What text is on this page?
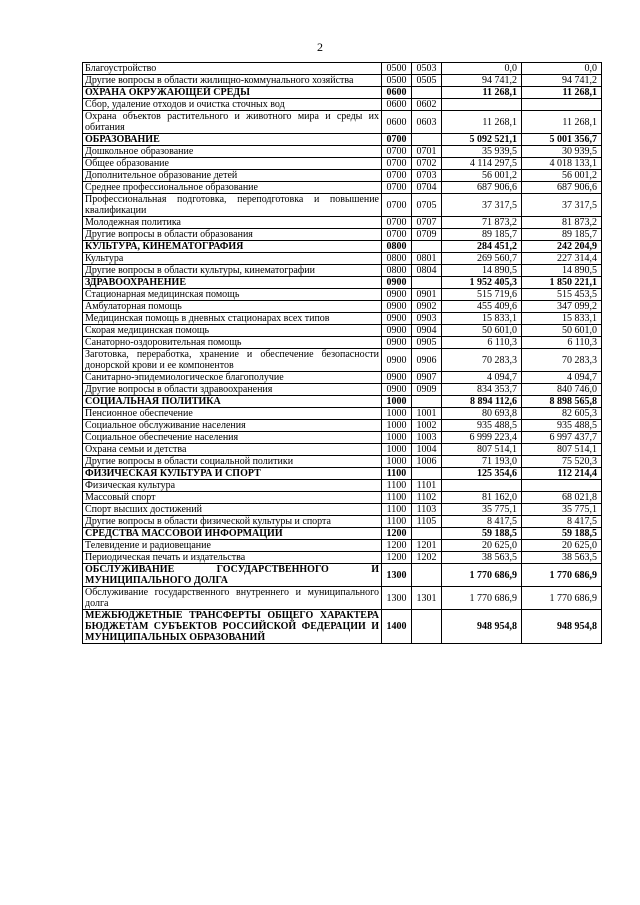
2
Благоустройство	0500	0503	0,0	0,0
Другие вопросы в области жилищно-коммунального хозяйства	0500	0505	94 741,2	94 741,2
ОХРАНА ОКРУЖАЮЩЕЙ СРЕДЫ	0600		11 268,1	11 268,1
Сбор, удаление отходов и очистка сточных вод	0600	0602		
Охрана объектов растительного и животного мира и среды их обитания	0600	0603	11 268,1	11 268,1
ОБРАЗОВАНИЕ	0700		5 092 521,1	5 001 356,7
Дошкольное образование	0700	0701	35 939,5	30 939,5
Общее образование	0700	0702	4 114 297,5	4 018 133,1
Дополнительное образование детей	0700	0703	56 001,2	56 001,2
Среднее профессиональное образование	0700	0704	687 906,6	687 906,6
Профессиональная подготовка, переподготовка и повышение квалификации	0700	0705	37 317,5	37 317,5
Молодежная политика	0700	0707	71 873,2	81 873,2
Другие вопросы в области образования	0700	0709	89 185,7	89 185,7
КУЛЬТУРА, КИНЕМАТОГРАФИЯ	0800		284 451,2	242 204,9
Культура	0800	0801	269 560,7	227 314,4
Другие вопросы в области культуры, кинематографии	0800	0804	14 890,5	14 890,5
ЗДРАВООХРАНЕНИЕ	0900		1 952 405,3	1 850 221,1
Стационарная медицинская помощь	0900	0901	515 719,6	515 453,5
Амбулаторная помощь	0900	0902	455 409,6	347 099,2
Медицинская помощь в дневных стационарах всех типов	0900	0903	15 833,1	15 833,1
Скорая медицинская помощь	0900	0904	50 601,0	50 601,0
Санаторно-оздоровительная помощь	0900	0905	6 110,3	6 110,3
Заготовка, переработка, хранение и обеспечение безопасности донорской крови и ее компонентов	0900	0906	70 283,3	70 283,3
Санитарно-эпидемиологическое благополучие	0900	0907	4 094,7	4 094,7
Другие вопросы в области здравоохранения	0900	0909	834 353,7	840 746,0
СОЦИАЛЬНАЯ ПОЛИТИКА	1000		8 894 112,6	8 898 565,8
Пенсионное обеспечение	1000	1001	80 693,8	82 605,3
Социальное обслуживание населения	1000	1002	935 488,5	935 488,5
Социальное обеспечение населения	1000	1003	6 999 223,4	6 997 437,7
Охрана семьи и детства	1000	1004	807 514,1	807 514,1
Другие вопросы в области социальной политики	1000	1006	71 193,0	75 520,3
ФИЗИЧЕСКАЯ КУЛЬТУРА И СПОРТ	1100		125 354,6	112 214,4
Физическая культура	1100	1101		
Массовый спорт	1100	1102	81 162,0	68 021,8
Спорт высших достижений	1100	1103	35 775,1	35 775,1
Другие вопросы в области физической культуры и спорта	1100	1105	8 417,5	8 417,5
СРЕДСТВА МАССОВОЙ ИНФОРМАЦИИ	1200		59 188,5	59 188,5
Телевидение и радиовещание	1200	1201	20 625,0	20 625,0
Периодическая печать и издательства	1200	1202	38 563,5	38 563,5
ОБСЛУЖИВАНИЕ ГОСУДАРСТВЕННОГО И МУНИЦИПАЛЬНОГО ДОЛГА	1300		1 770 686,9	1 770 686,9
Обслуживание государственного внутреннего и муниципального долга	1300	1301	1 770 686,9	1 770 686,9
МЕЖБЮДЖЕТНЫЕ ТРАНСФЕРТЫ ОБЩЕГО ХАРАКТЕРА БЮДЖЕТАМ СУБЪЕКТОВ РОССИЙСКОЙ ФЕДЕРАЦИИ И МУНИЦИПАЛЬНЫХ ОБРАЗОВАНИЙ	1400		948 954,8	948 954,8
